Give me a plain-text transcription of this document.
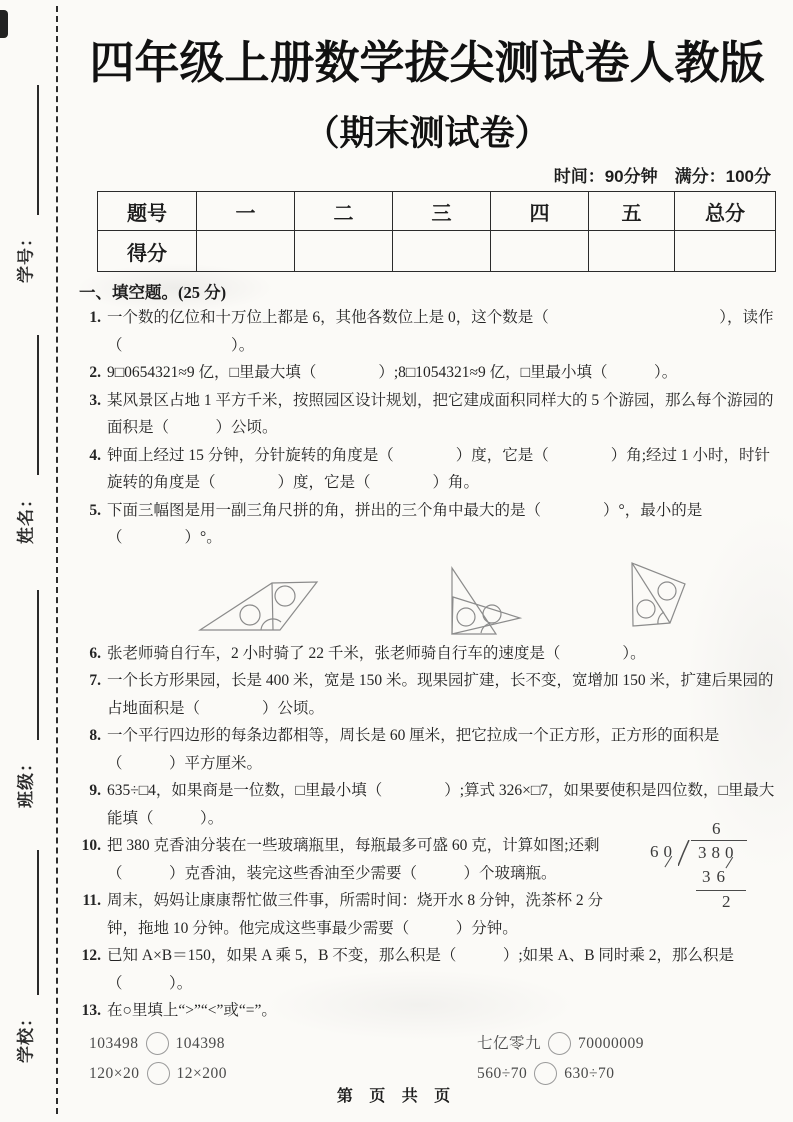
学号：
姓名：
班级：
学校：
四年级上册数学拔尖测试卷人教版
（期末测试卷）
时间：90分钟　满分：100分
题号	一	二	三	四	五	总分
得分						
一、填空题。(25 分)
1. 一个数的亿位和十万位上都是 6，其他各数位上是 0，这个数是（　　　　　　　　　　　），读作（　　　　　　　）。
2. 9□0654321≈9 亿，□里最大填（　　　　）;8□1054321≈9 亿，□里最小填（　　　）。
3. 某风景区占地 1 平方千米，按照园区设计规划，把它建成面积同样大的 5 个游园，那么每个游园的面积是（　　　）公顷。
4. 钟面上经过 15 分钟，分针旋转的角度是（　　　　）度，它是（　　　　）角;经过 1 小时，时针旋转的角度是（　　　　）度，它是（　　　　）角。
5. 下面三幅图是用一副三角尺拼的角，拼出的三个角中最大的是（　　　　）°，最小的是（　　　　）°。
6. 张老师骑自行车，2 小时骑了 22 千米，张老师骑自行车的速度是（　　　　）。
7. 一个长方形果园，长是 400 米，宽是 150 米。现果园扩建，长不变，宽增加 150 米，扩建后果园的占地面积是（　　　　）公顷。
8. 一个平行四边形的每条边都相等，周长是 60 厘米，把它拉成一个正方形，正方形的面积是（　　　）平方厘米。
9. 635÷□4，如果商是一位数，□里最小填（　　　　）;算式 326×□7，如果要使积是四位数，□里最大能填（　　　）。
10. 把 380 克香油分装在一些玻璃瓶里，每瓶最多可盛 60 克，计算如图;还剩（　　　）克香油，装完这些香油至少需要（　　　）个玻璃瓶。
11. 周末，妈妈让康康帮忙做三件事，所需时间：烧开水 8 分钟，洗茶杯 2 分钟，拖地 10 分钟。他完成这些事最少需要（　　　）分钟。
12. 已知 A×B＝150，如果 A 乘 5，B 不变，那么积是（　　　）;如果 A、B 同时乘 2，那么积是（　　　）。
13. 在○里填上“>”“<”或“=”。
103498 104398	七亿零九 70000009
120×20 12×200	560÷70 630÷70
6
60	380
36
2
第 页 共 页
